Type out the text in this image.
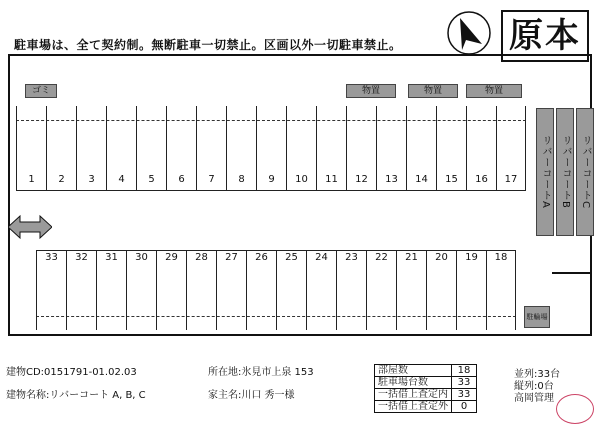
駐車場は、全て契約制。無断駐車一切禁止。区画以外一切駐車禁止。	原本
ゴミ	物置	物置	物置
1	2	3	4	5	6	7	8	9	10	11	12	13	14	15	16	17	リバーコートA リバーコートB リバーコートC
33	32	31	30	29	28	27	26	25	24	23	22	21	20	19	18
駐輪場
建物CD:0151791-01.02.03
建物名称:リバーコート A, B, C
所在地:氷見市上泉 153
家主名:川口 秀一様
部屋数	18
駐車場台数	33
一括借上査定内	33
一括借上査定外	0
並列:33台
縦列:0台
高岡管理
